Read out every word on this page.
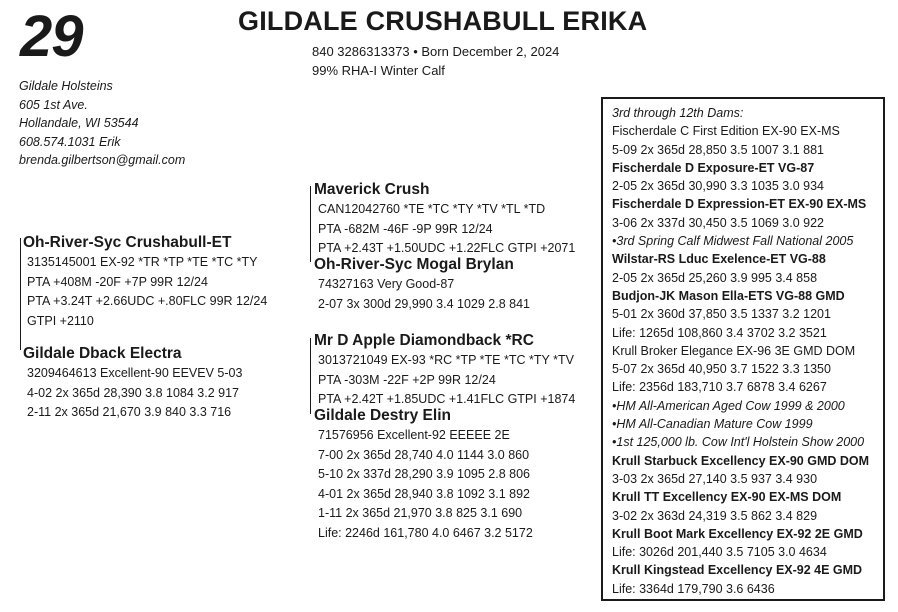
29	GILDALE CRUSHABULL ERIKA
840 3286313373 • Born December 2, 2024
99% RHA-I Winter Calf
Gildale Holsteins
605 1st Ave.
Hollandale, WI 53544
608.574.1031 Erik
brenda.gilbertson@gmail.com
Oh-River-Syc Crushabull-ET
3135145001 EX-92 *TR *TP *TE *TC *TY
PTA +408M -20F +7P 99R 12/24
PTA +3.24T +2.66UDC +.80FLC 99R 12/24
GTPI +2110
Gildale Dback Electra
3209464613 Excellent-90 EEVEV 5-03
4-02 2x 365d 28,390 3.8 1084 3.2 917
2-11 2x 365d 21,670 3.9 840 3.3 716
Maverick Crush
CAN12042760 *TE *TC *TY *TV *TL *TD
PTA -682M -46F -9P 99R 12/24
PTA +2.43T +1.50UDC +1.22FLC GTPI +2071
Oh-River-Syc Mogal Brylan
74327163 Very Good-87
2-07 3x 300d 29,990 3.4 1029 2.8 841
Mr D Apple Diamondback *RC
3013721049 EX-93 *RC *TP *TE *TC *TY *TV
PTA -303M -22F +2P 99R 12/24
PTA +2.42T +1.85UDC +1.41FLC GTPI +1874
Gildale Destry Elin
71576956 Excellent-92 EEEEE 2E
7-00 2x 365d 28,740 4.0 1144 3.0 860
5-10 2x 337d 28,290 3.9 1095 2.8 806
4-01 2x 365d 28,940 3.8 1092 3.1 892
1-11 2x 365d 21,970 3.8 825 3.1 690
Life: 2246d 161,780 4.0 6467 3.2 5172
3rd through 12th Dams:
Fischerdale C First Edition EX-90 EX-MS
5-09 2x 365d 28,850 3.5 1007 3.1 881
Fischerdale D Exposure-ET VG-87
2-05 2x 365d 30,990 3.3 1035 3.0 934
Fischerdale D Expression-ET EX-90 EX-MS
3-06 2x 337d 30,450 3.5 1069 3.0 922
•3rd Spring Calf Midwest Fall National 2005
Wilstar-RS Lduc Exelence-ET VG-88
2-05 2x 365d 25,260 3.9 995 3.4 858
Budjon-JK Mason Ella-ETS VG-88 GMD
5-01 2x 360d 37,850 3.5 1337 3.2 1201
Life: 1265d 108,860 3.4 3702 3.2 3521
Krull Broker Elegance EX-96 3E GMD DOM
5-07 2x 365d 40,950 3.7 1522 3.3 1350
Life: 2356d 183,710 3.7 6878 3.4 6267
•HM All-American Aged Cow 1999 & 2000
•HM All-Canadian Mature Cow 1999
•1st 125,000 lb. Cow Int'l Holstein Show 2000
Krull Starbuck Excellency EX-90 GMD DOM
3-03 2x 365d 27,140 3.5 937 3.4 930
Krull TT Excellency EX-90 EX-MS DOM
3-02 2x 363d 24,319 3.5 862 3.4 829
Krull Boot Mark Excellency EX-92 2E GMD
Life: 3026d 201,440 3.5 7105 3.0 4634
Krull Kingstead Excellency EX-92 4E GMD
Life: 3364d 179,790 3.6 6436
